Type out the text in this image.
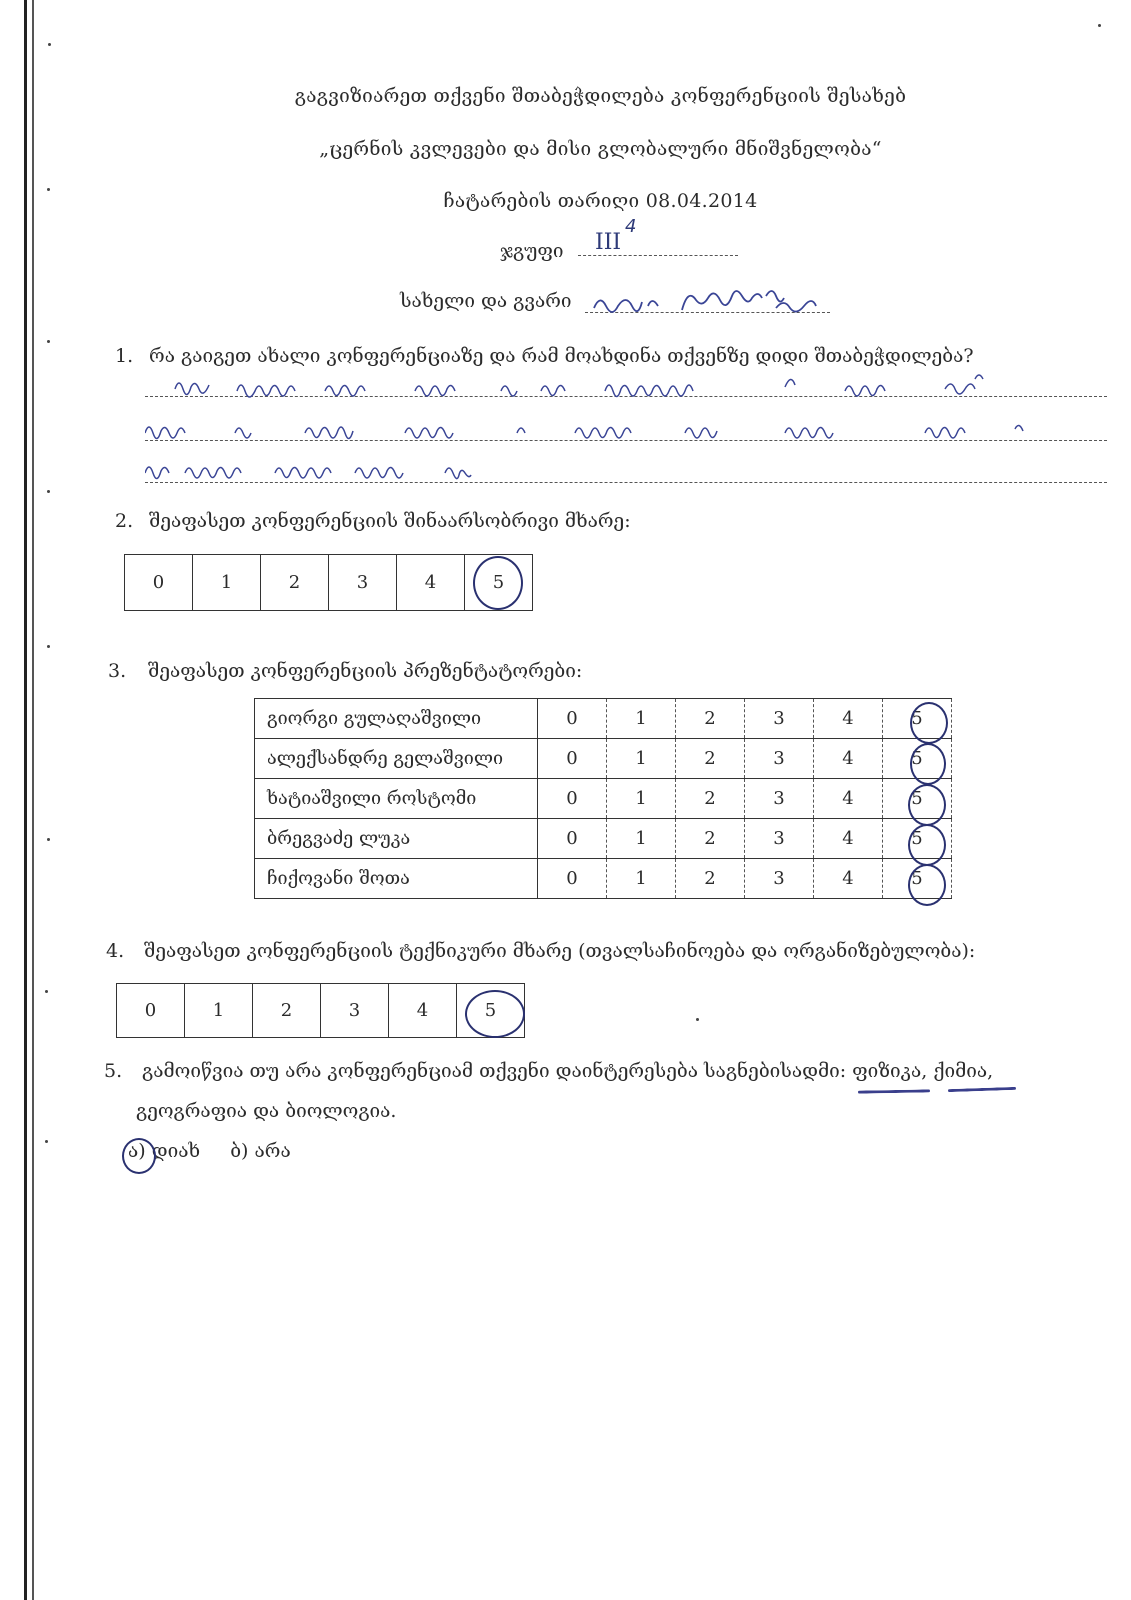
გაგვიზიარეთ თქვენი შთაბეჭდილება კონფერენციის შესახებ
„ცერნის კვლევები და მისი გლობალური მნიშვნელობა“
ჩატარების თარიღი 08.04.2014
ჯგუფი III
4
სახელი და გვარი
1. რა გაიგეთ ახალი კონფერენციაზე და რამ მოახდინა თქვენზე დიდი შთაბეჭდილება?
2. შეაფასეთ კონფერენციის შინაარსობრივი მხარე:
0	1	2	3	4	5
3. შეაფასეთ კონფერენციის პრეზენტატორები:
გიორგი გულაღაშვილი	0	1	2	3	4	5
ალექსანდრე გელაშვილი	0	1	2	3	4	5
ხატიაშვილი როსტომი	0	1	2	3	4	5
ბრეგვაძე ლუკა	0	1	2	3	4	5
ჩიქოვანი შოთა	0	1	2	3	4	5
4. შეაფასეთ კონფერენციის ტექნიკური მხარე (თვალსაჩინოება და ორგანიზებულობა):
0	1	2	3	4	5
5. გამოიწვია თუ არა კონფერენციამ თქვენი დაინტერესება საგნებისადმი: ფიზიკა, ქიმია,
გეოგრაფია და ბიოლოგია.
ა) დიახ ბ) არა
